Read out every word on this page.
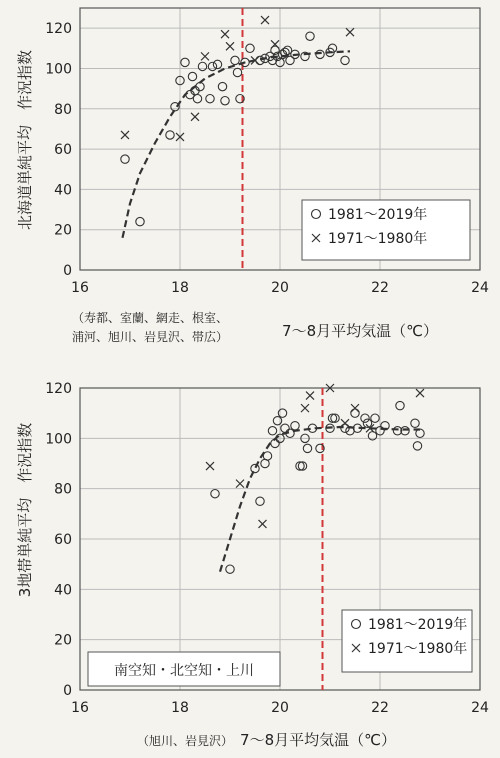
0
20
40
60
80
100
120
16	18	20	22	24
1981〜2019年
1971〜1980年
北海道単純平均　作況指数
7〜8月平均気温（℃）
（寿都、室蘭、網走、根室、
浦河、旭川、岩見沢、帯広）
0
20
40
60
80
100
120
16	18	20	22	24
1981〜2019年
1971〜1980年
南空知・北空知・上川
3地帯単純平均　作況指数
7〜8月平均気温（℃）
（旭川、岩見沢）
